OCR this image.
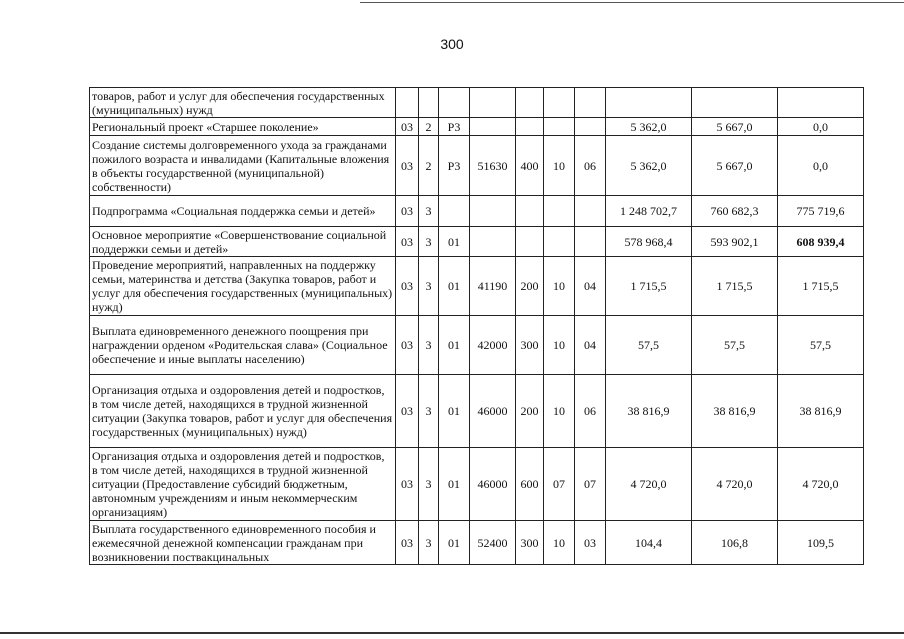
300
товаров, работ и услуг для обеспечения государственных (муниципальных) нужд										
Региональный проект «Старшее поколение»	03	2	Р3					5 362,0	5 667,0	0,0
Создание системы долговременного ухода за гражданами пожилого возраста и инвалидами (Капитальные вложения в объекты государственной (муниципальной) собственности)	03	2	Р3	51630	400	10	06	5 362,0	5 667,0	0,0
Подпрограмма «Социальная поддержка семьи и детей»	03	3						1 248 702,7	760 682,3	775 719,6
Основное мероприятие «Совершенствование социальной поддержки семьи и детей»	03	3	01					578 968,4	593 902,1	608 939,4
Проведение мероприятий, направленных на поддержку семьи, материнства и детства (Закупка товаров, работ и услуг для обеспечения государственных (муниципальных) нужд)	03	3	01	41190	200	10	04	1 715,5	1 715,5	1 715,5
Выплата единовременного денежного поощрения при награждении орденом «Родительская слава» (Социальное обеспечение и иные выплаты населению)	03	3	01	42000	300	10	04	57,5	57,5	57,5
Организация отдыха и оздоровления детей и подростков, в том числе детей, находящихся в трудной жизненной ситуации (Закупка товаров, работ и услуг для обеспечения государственных (муниципальных) нужд)	03	3	01	46000	200	10	06	38 816,9	38 816,9	38 816,9
Организация отдыха и оздоровления детей и подростков, в том числе детей, находящихся в трудной жизненной ситуации (Предоставление субсидий бюджетным, автономным учреждениям и иным некоммерческим организациям)	03	3	01	46000	600	07	07	4 720,0	4 720,0	4 720,0
Выплата государственного единовременного пособия и ежемесячной денежной компенсации гражданам при возникновении поствакцинальных	03	3	01	52400	300	10	03	104,4	106,8	109,5
